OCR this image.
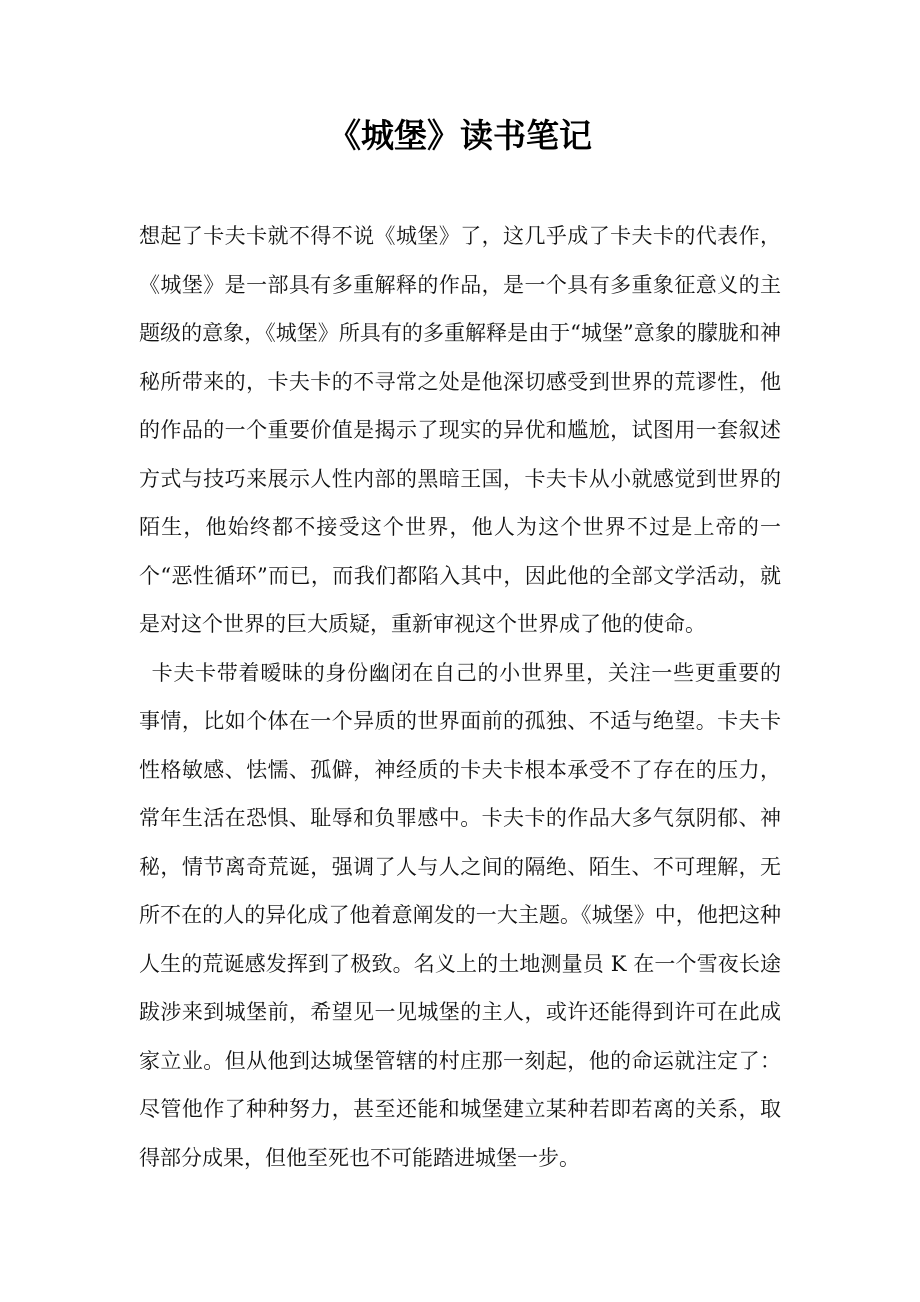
《城堡》读书笔记

想起了卡夫卡就不得不说《城堡》了，这几乎成了卡夫卡的代表作，《城堡》是一部具有多重解释的作品，是一个具有多重象征意义的主题级的意象，《城堡》所具有的多重解释是由于“城堡”意象的朦胧和神秘所带来的，卡夫卡的不寻常之处是他深切感受到世界的荒谬性，他的作品的一个重要价值是揭示了现实的异优和尴尬，试图用一套叙述方式与技巧来展示人性内部的黑暗王国，卡夫卡从小就感觉到世界的陌生，他始终都不接受这个世界，他人为这个世界不过是上帝的一个“恶性循环”而已，而我们都陷入其中，因此他的全部文学活动，就是对这个世界的巨大质疑，重新审视这个世界成了他的使命。

卡夫卡带着暧昧的身份幽闭在自己的小世界里，关注一些更重要的事情，比如个体在一个异质的世界面前的孤独、不适与绝望。卡夫卡性格敏感、怯懦、孤僻，神经质的卡夫卡根本承受不了存在的压力，常年生活在恐惧、耻辱和负罪感中。卡夫卡的作品大多气氛阴郁、神秘，情节离奇荒诞，强调了人与人之间的隔绝、陌生、不可理解，无所不在的人的异化成了他着意阐发的一大主题。《城堡》中，他把这种人生的荒诞感发挥到了极致。名义上的土地测量员 K 在一个雪夜长途跋涉来到城堡前，希望见一见城堡的主人，或许还能得到许可在此成家立业。但从他到达城堡管辖的村庄那一刻起，他的命运就注定了：尽管他作了种种努力，甚至还能和城堡建立某种若即若离的关系，取得部分成果，但他至死也不可能踏进城堡一步。
